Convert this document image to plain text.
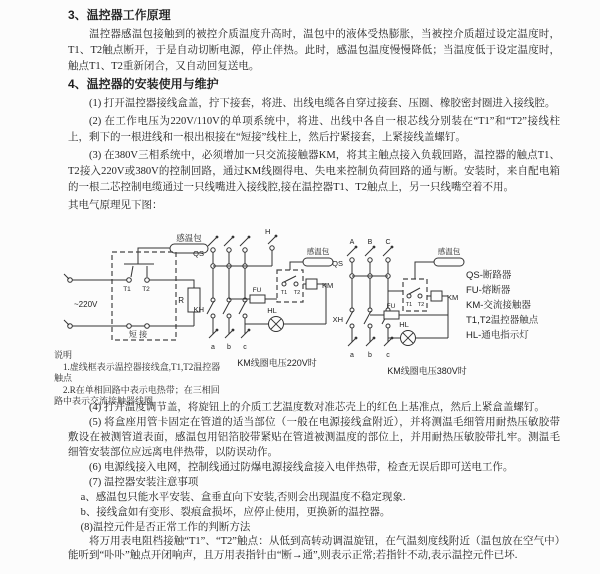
3、温控器工作原理

温控器感温包接触到的被控介质温度升高时，温包中的液体受热膨胀，当被控介质超过设定温度时，T1、T2触点断开，于是自动切断电源，停止伴热。此时，感温包温度慢慢降低；当温度低于设定温度时，触点T1、T2重新闭合，又自动回复送电。

4、温控器的安装使用与维护

(1) 打开温控器接线盒盖，拧下接套，将进、出线电缆各自穿过接套、压圈、橡胶密封圈进入接线腔。

(2) 在工作电压为220V/110V的单项系统中，将进、出线中各自一根芯线分别装在“T1”和“T2”接线柱上，剩下的一根进线和一根出根接在“短接”线柱上，然后拧紧接套，上紧接线盖螺钉。

(3) 在380V三相系统中，必须增加一只交流接触器KM，将其主触点接入负载回路，温控器的触点T1、T2接入220V或380V的控制回路，通过KM线圈得电、失电来控制负荷回路的通与断。安装时，来自配电箱的一根二芯控制电缆通过一只线嘴进入接线腔,接在温控器T1、T2触点上，另一只线嘴空着不用。

其电气原理见下图：

感温包
T1 T2
R
~220V
短 接
QS
KH
a b c
H
FU	T1 T2
感温包
KM
HL
KM线圈电压220V时
A B C
QS
XH
a b c
T1 T2
感温包
FU
KM
HL
KM线圈电压380V时
说明
1.虚线框表示温控器接线盒,T1,T2温控器触点
2.R在单相回路中表示电热带；在三相回路中表示交流接触器线圈
QS-断路器
FU-熔断器
KM-交流接触器
T1,T2温控器触点
HL-通电指示灯

(4) 打开温度调节盖，将旋钮上的介质工艺温度数对准芯壳上的红色上基准点，然后上紧盒盖螺钉。

(5) 将盒座用管卡固定在管道的适当部位（一般在电源接线盒附近），并将测温毛细管用耐热压敏胶带敷设在被测管道表面，感温包用铝箔胶带紧贴在管道被测温度的部位上，并用耐热压敏胶带扎牢。测温毛细管安装部位应远离电伴热带，以防误动作。

(6) 电源线接入电网，控制线通过防爆电源接线盒接入电伴热带，检查无误后即可送电工作。

(7) 温控器安装注意事项

a、感温包只能水平安装、盒垂直向下安装,否则会出现温度不稳定现象.

b、接线盒如有变形、裂痕盒损坏，应停止使用，更换新的温控器。

(8)温控元件是否正常工作的判断方法

将万用表电阻档接触“T1”、“T2”触点：从低到高转动调温旋钮，在气温刻度线附近（温包放在空气中）能听到“卟卟”触点开闭响声，且万用表指针由“断→通”,则表示正常;若指针不动,表示温控元件已坏.
